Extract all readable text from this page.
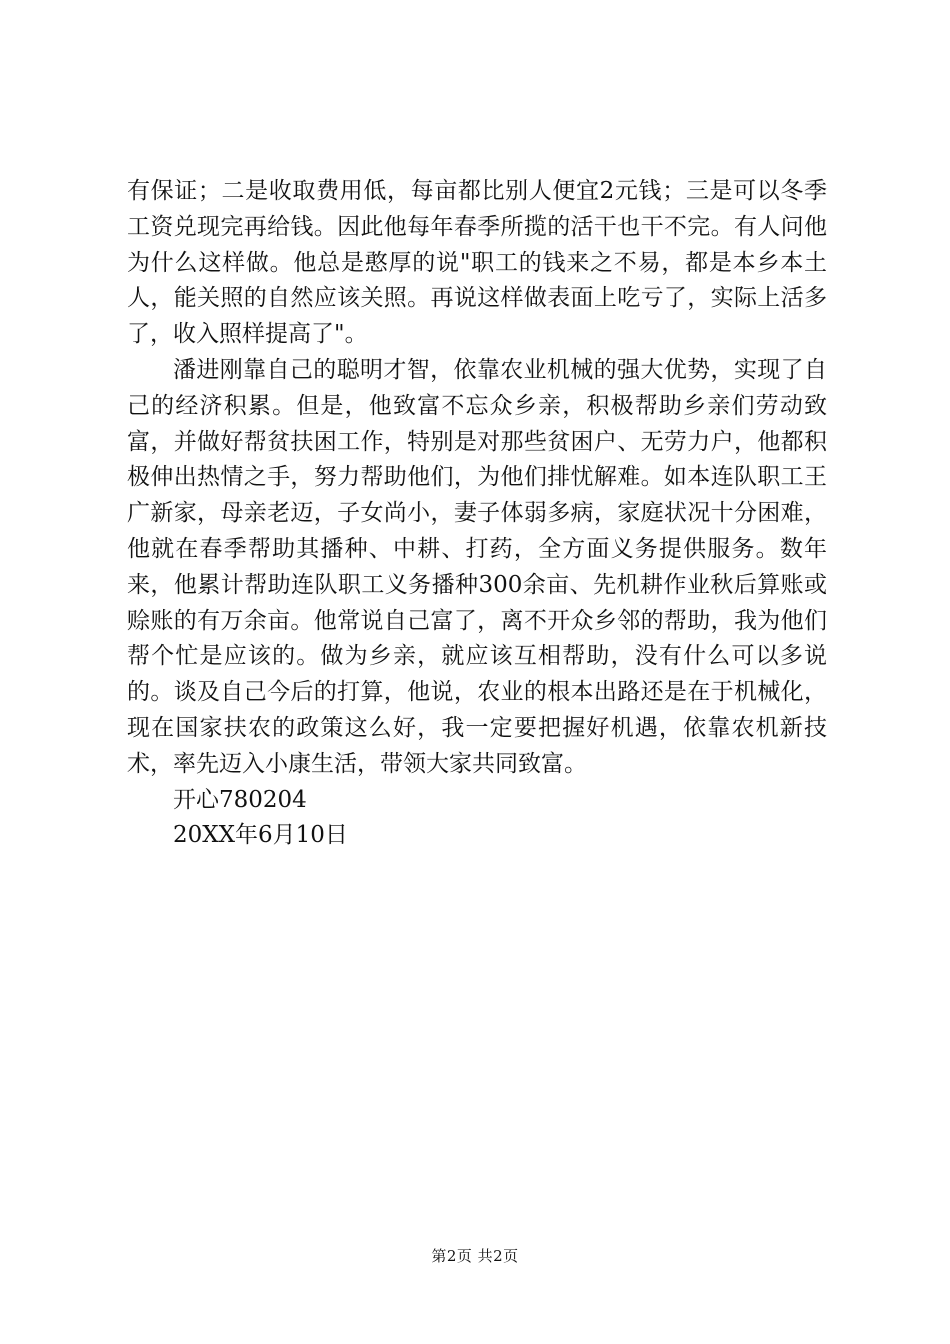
有保证；二是收取费用低，每亩都比别人便宜2元钱；三是可以冬季工资兑现完再给钱。因此他每年春季所揽的活干也干不完。有人问他为什么这样做。他总是憨厚的说"职工的钱来之不易，都是本乡本土人，能关照的自然应该关照。再说这样做表面上吃亏了，实际上活多了，收入照样提高了"。

潘进刚靠自己的聪明才智，依靠农业机械的强大优势，实现了自己的经济积累。但是，他致富不忘众乡亲，积极帮助乡亲们劳动致富，并做好帮贫扶困工作，特别是对那些贫困户、无劳力户，他都积极伸出热情之手，努力帮助他们，为他们排忧解难。如本连队职工王广新家，母亲老迈，子女尚小，妻子体弱多病，家庭状况十分困难，他就在春季帮助其播种、中耕、打药，全方面义务提供服务。数年来，他累计帮助连队职工义务播种300余亩、先机耕作业秋后算账或赊账的有万余亩。他常说自己富了，离不开众乡邻的帮助，我为他们帮个忙是应该的。做为乡亲，就应该互相帮助，没有什么可以多说的。谈及自己今后的打算，他说，农业的根本出路还是在于机械化，现在国家扶农的政策这么好，我一定要把握好机遇，依靠农机新技术，率先迈入小康生活，带领大家共同致富。

开心780204

20XX年6月10日

第2页 共2页
